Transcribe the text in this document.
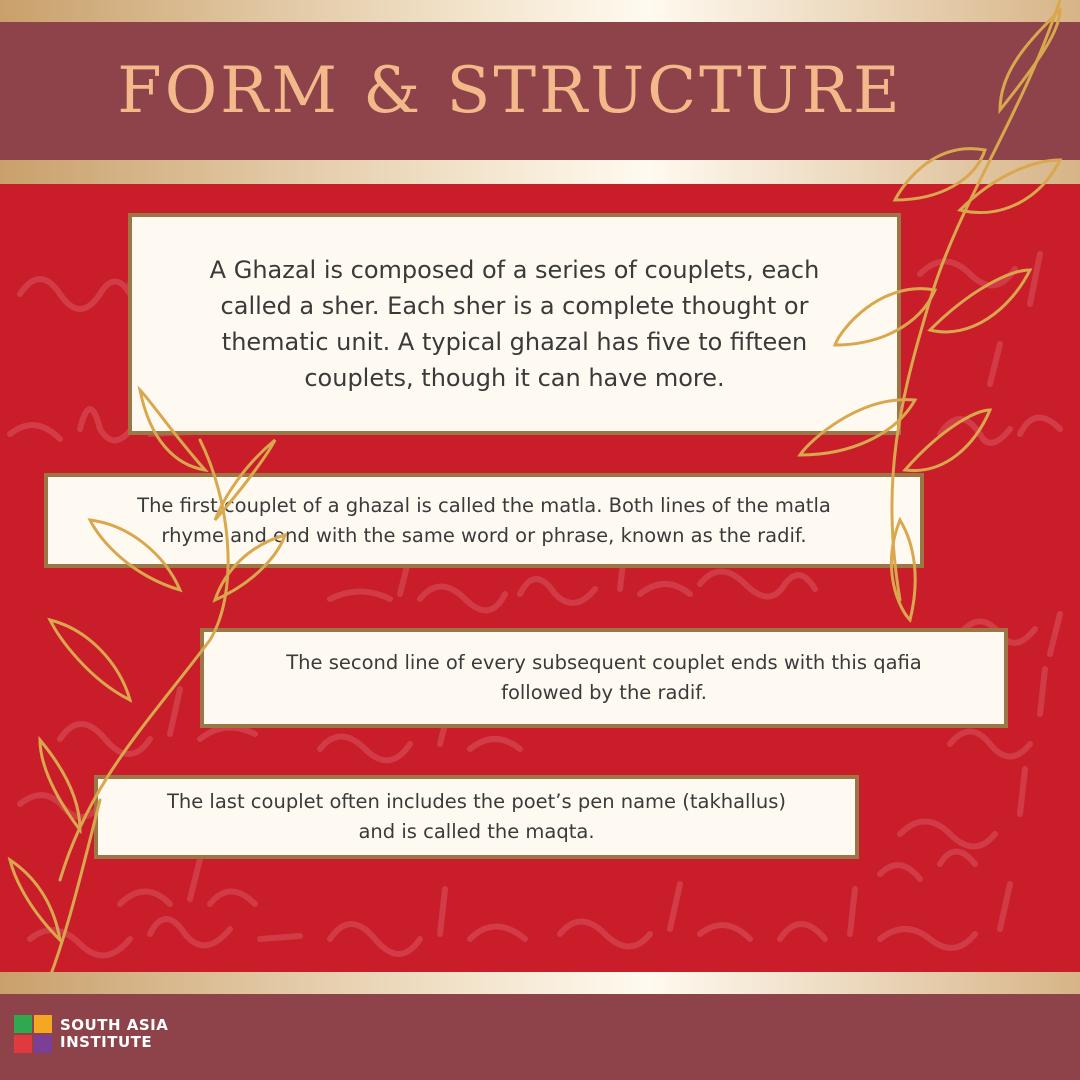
FORM & STRUCTURE
A Ghazal is composed of a series of couplets, each
called a sher. Each sher is a complete thought or
thematic unit. A typical ghazal has five to fifteen
couplets, though it can have more.
The first couplet of a ghazal is called the matla. Both lines of the matla
rhyme and end with the same word or phrase, known as the radif.
The second line of every subsequent couplet ends with this qafia
followed by the radif.
The last couplet often includes the poet’s pen name (takhallus)
and is called the maqta.
SOUTH ASIA
INSTITUTE
